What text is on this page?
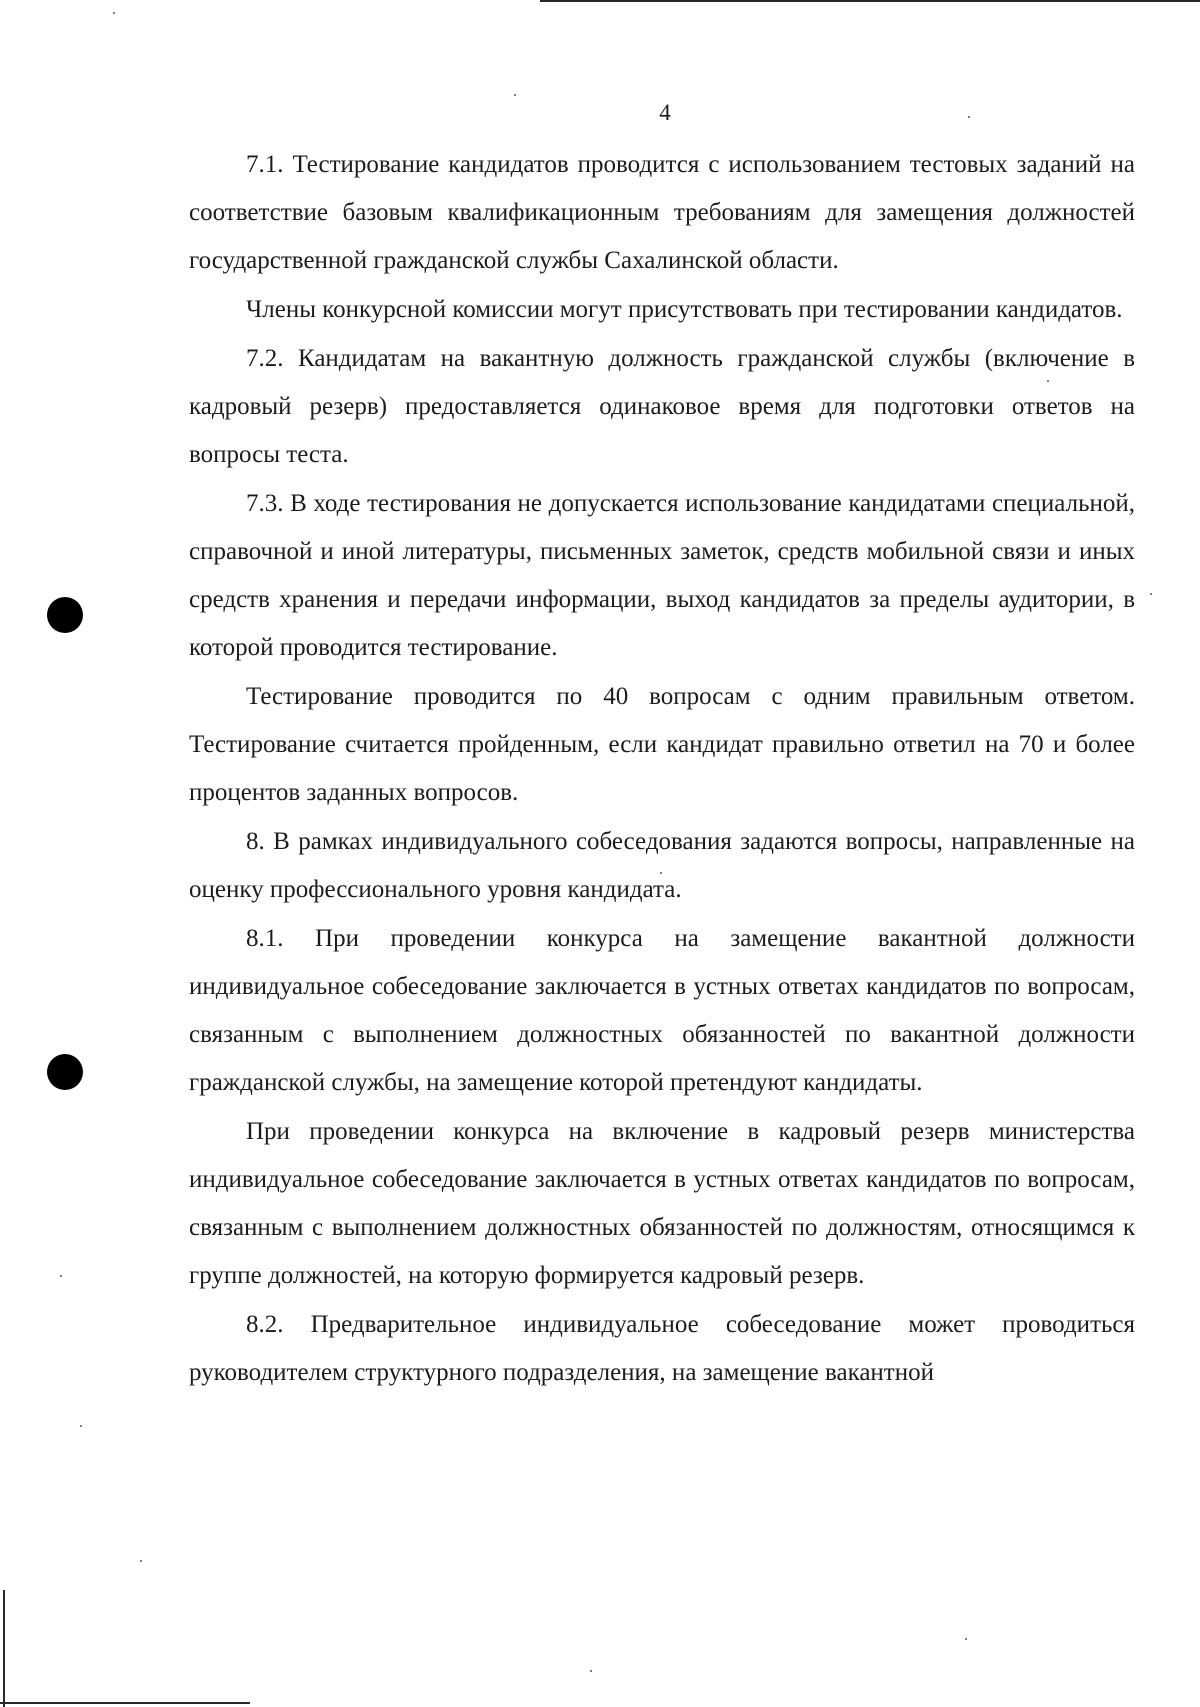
4

7.1. Тестирование кандидатов проводится с использованием тестовых заданий на соответствие базовым квалификационным требованиям для замещения должностей государственной гражданской службы Сахалинской области.

Члены конкурсной комиссии могут присутствовать при тестировании кандидатов.

7.2. Кандидатам на вакантную должность гражданской службы (включение в кадровый резерв) предоставляется одинаковое время для подготовки ответов на вопросы теста.

7.3. В ходе тестирования не допускается использование кандидатами специальной, справочной и иной литературы, письменных заметок, средств мобильной связи и иных средств хранения и передачи информации, выход кандидатов за пределы аудитории, в которой проводится тестирование.

Тестирование проводится по 40 вопросам с одним правильным ответом. Тестирование считается пройденным, если кандидат правильно ответил на 70 и более процентов заданных вопросов.

8. В рамках индивидуального собеседования задаются вопросы, направленные на оценку профессионального уровня кандидата.

8.1. При проведении конкурса на замещение вакантной должности индивидуальное собеседование заключается в устных ответах кандидатов по вопросам, связанным с выполнением должностных обязанностей по вакантной должности гражданской службы, на замещение которой претендуют кандидаты.

При проведении конкурса на включение в кадровый резерв министерства индивидуальное собеседование заключается в устных ответах кандидатов по вопросам, связанным с выполнением должностных обязанностей по должностям, относящимся к группе должностей, на которую формируется кадровый резерв.

8.2. Предварительное индивидуальное собеседование может проводиться руководителем структурного подразделения, на замещение вакантной
